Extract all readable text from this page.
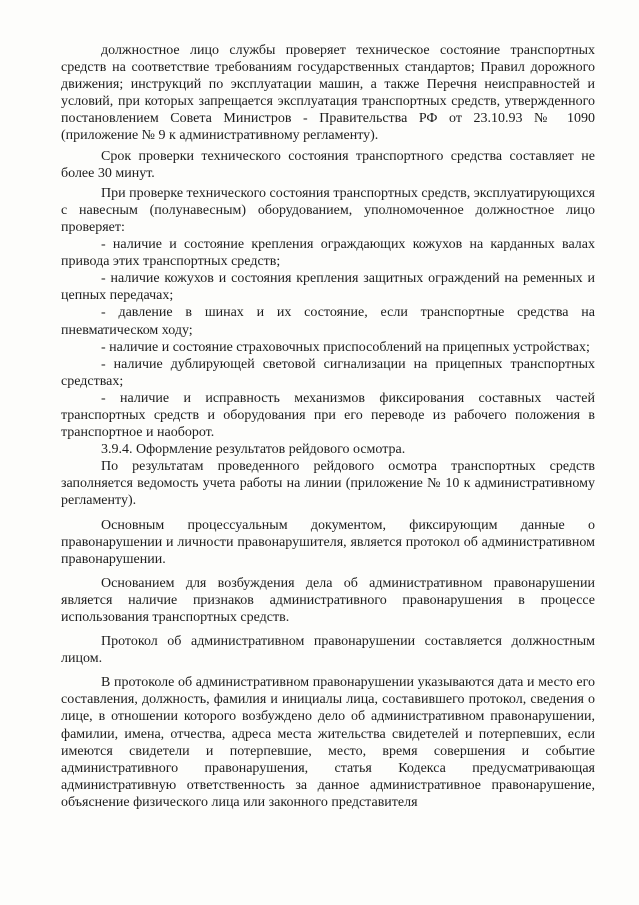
должностное лицо службы проверяет техническое состояние транспортных средств на соответствие требованиям государственных стандартов; Правил дорожного движения; инструкций по эксплуатации машин, а также Перечня неисправностей и условий, при которых запрещается эксплуатация транспортных средств, утвержденного постановлением Совета Министров - Правительства РФ от 23.10.93 № 1090 (приложение № 9 к административному регламенту).

Срок проверки технического состояния транспортного средства составляет не более 30 минут.

При проверке технического состояния транспортных средств, эксплуатирующихся с навесным (полунавесным) оборудованием, уполномоченное должностное лицо проверяет:

- наличие и состояние крепления ограждающих кожухов на карданных валах привода этих транспортных средств;

- наличие кожухов и состояния крепления защитных ограждений на ременных и цепных передачах;

- давление в шинах и их состояние, если транспортные средства на пневматическом ходу;

- наличие и состояние страховочных приспособлений на прицепных устройствах;

- наличие дублирующей световой сигнализации на прицепных транспортных средствах;

- наличие и исправность механизмов фиксирования составных частей транспортных средств и оборудования при его переводе из рабочего положения в транспортное и наоборот.

3.9.4. Оформление результатов рейдового осмотра.

По результатам проведенного рейдового осмотра транспортных средств заполняется ведомость учета работы на линии (приложение № 10 к административному регламенту).

Основным процессуальным документом, фиксирующим данные о правонарушении и личности правонарушителя, является протокол об административном правонарушении.

Основанием для возбуждения дела об административном правонарушении является наличие признаков административного правонарушения в процессе использования транспортных средств.

Протокол об административном правонарушении составляется должностным лицом.

В протоколе об административном правонарушении указываются дата и место его составления, должность, фамилия и инициалы лица, составившего протокол, сведения о лице, в отношении которого возбуждено дело об административном правонарушении, фамилии, имена, отчества, адреса места жительства свидетелей и потерпевших, если имеются свидетели и потерпевшие, место, время совершения и событие административного правонарушения, статья Кодекса предусматривающая административную ответственность за данное административное правонарушение, объяснение физического лица или законного представителя
